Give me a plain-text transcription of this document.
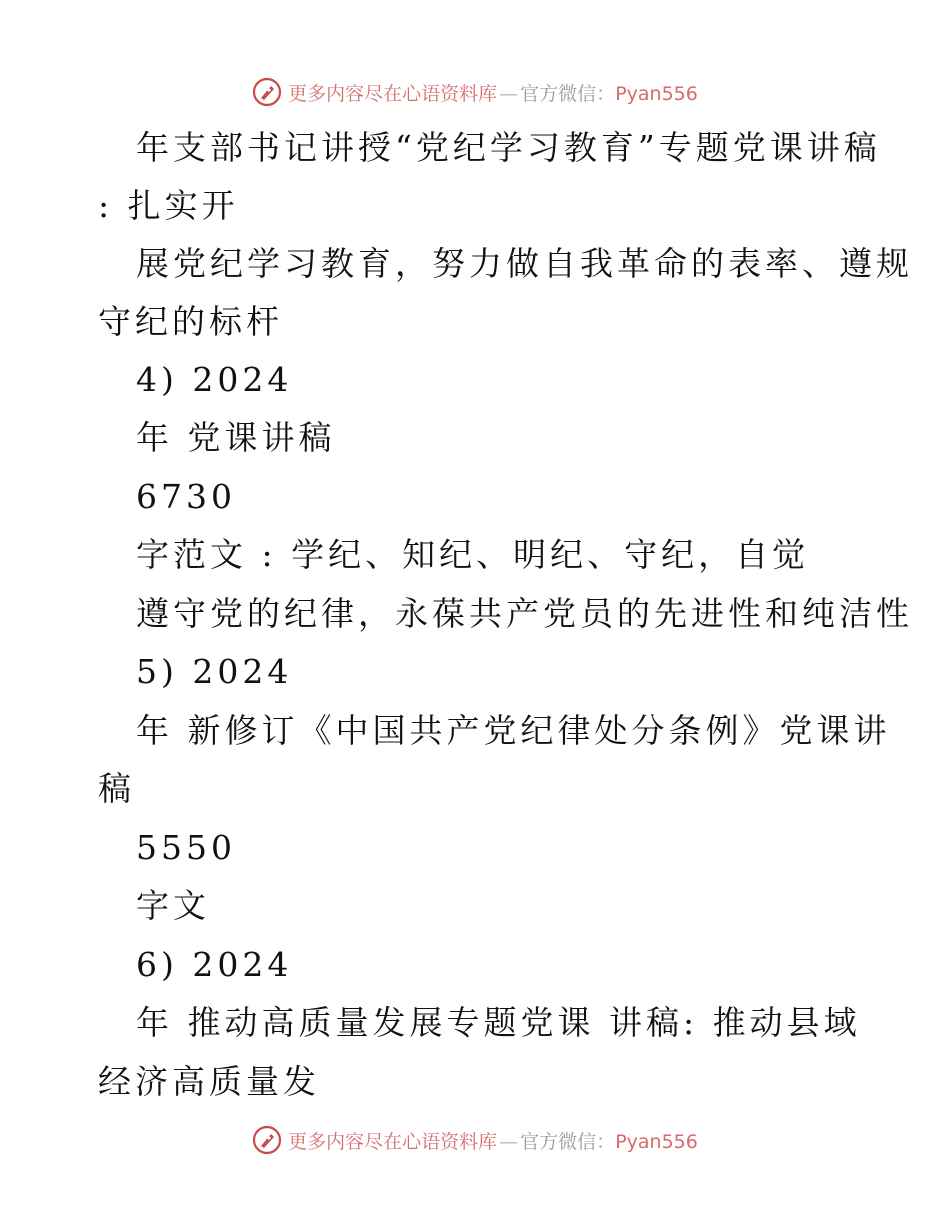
更多内容尽在心语资料库 — 官方微信：Pyan556
年支部书记讲授“党纪学习教育”专题党课讲稿
: 扎实开
展党纪学习教育，努力做自我革命的表率、遵规
守纪的标杆
4) 2024
年 党课讲稿
6730
字范文 : 学纪、知纪、明纪、守纪，自觉
遵守党的纪律，永葆共产党员的先进性和纯洁性
5) 2024
年 新修订《中国共产党纪律处分条例》党课讲
稿
5550
字文
6) 2024
年 推动高质量发展专题党课 讲稿: 推动县域
经济高质量发
更多内容尽在心语资料库 — 官方微信：Pyan556
